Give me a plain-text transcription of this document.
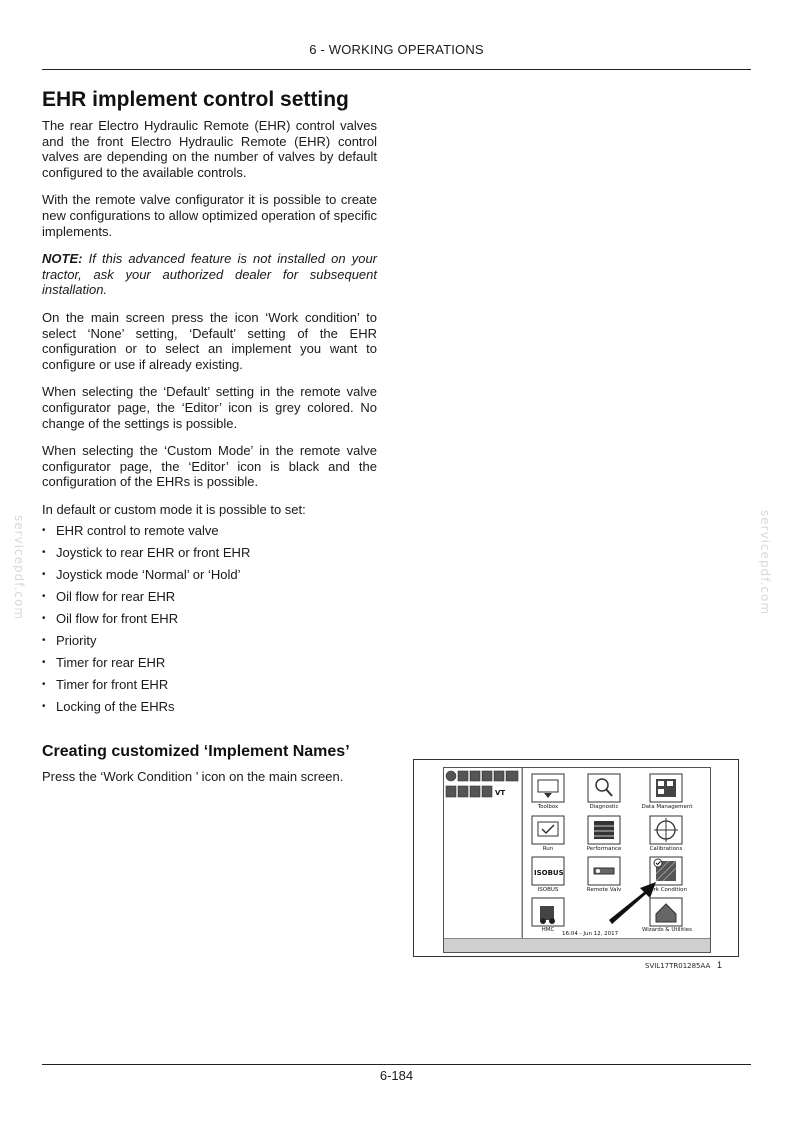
6 - WORKING OPERATIONS
EHR implement control setting

The rear Electro Hydraulic Remote (EHR) control valves and the front Electro Hydraulic Remote (EHR) control valves are depending on the number of valves by default configured to the available controls.

With the remote valve configurator it is possible to create new configurations to allow optimized operation of specific implements.

NOTE: If this advanced feature is not installed on your tractor, ask your authorized dealer for subsequent installation.

On the main screen press the icon ‘Work condition’ to select ‘None’ setting, ‘Default’ setting of the EHR configuration or to select an implement you want to configure or use if already existing.

When selecting the ‘Default’ setting in the remote valve configurator page, the ‘Editor’ icon is grey colored. No change of the settings is possible.

When selecting the ‘Custom Mode’ in the remote valve configurator page, the ‘Editor’ icon is black and the configuration of the EHRs is possible.

In default or custom mode it is possible to set:

• EHR control to remote valve
• Joystick to rear EHR or front EHR
• Joystick mode ‘Normal’ or ‘Hold’
• Oil flow for rear EHR
• Oil flow for front EHR
• Priority
• Timer for rear EHR
• Timer for front EHR
• Locking of the EHRs
Creating customized ‘Implement Names’

Press the ‘Work Condition ’ icon on the main screen.

servicepdf.com	servicepdf.com
VT
ISOBUS
Toolbox	Diagnostic	Data Management
Run	Performance	Calibrations
ISOBUS	Remote Valv	Work Condition
HMC	Wizards & Utilities
16:04 - Jun 12, 2017
SVIL17TR01285AA 1
6-184
